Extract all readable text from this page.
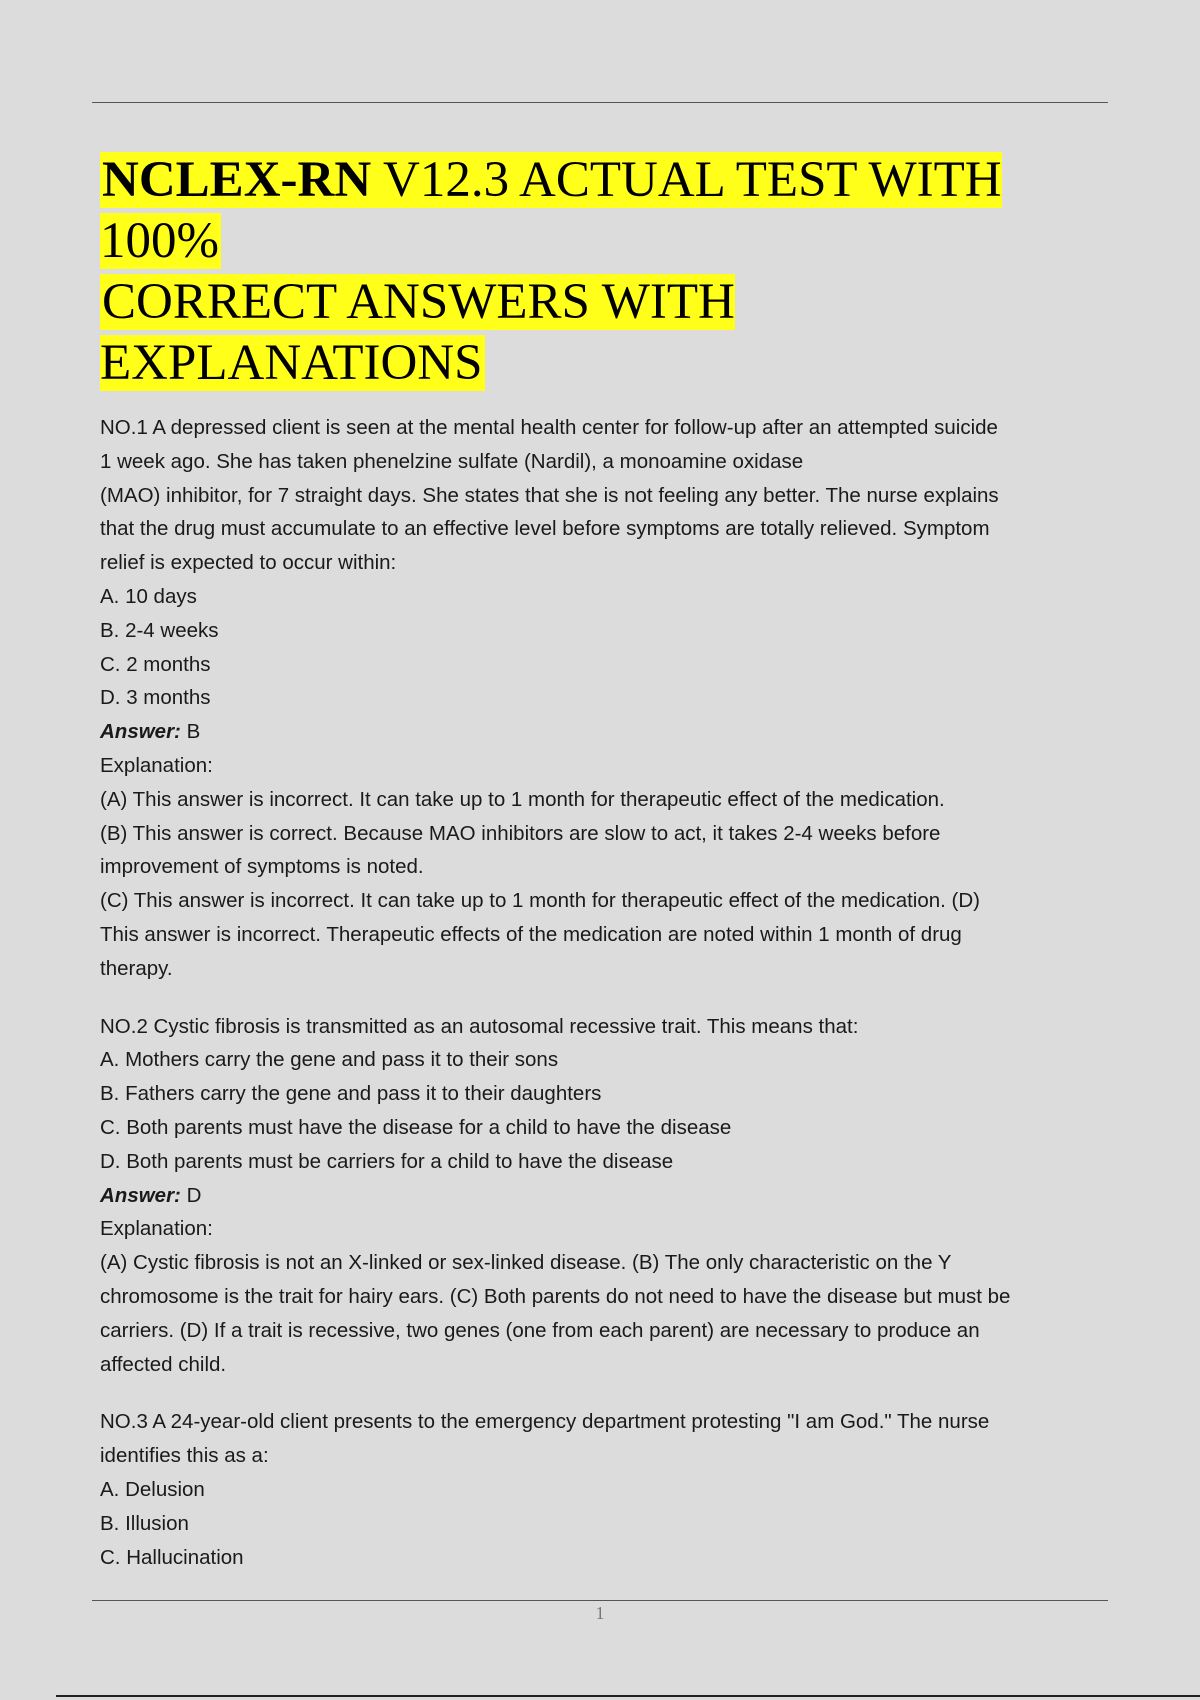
NCLEX-RN V12.3 ACTUAL TEST WITH 100%
CORRECT ANSWERS WITH EXPLANATIONS
NO.1 A depressed client is seen at the mental health center for follow-up after an attempted suicide
1 week ago. She has taken phenelzine sulfate (Nardil), a monoamine oxidase
(MAO) inhibitor, for 7 straight days. She states that she is not feeling any better. The nurse explains
that the drug must accumulate to an effective level before symptoms are totally relieved. Symptom
relief is expected to occur within:
A. 10 days
B. 2-4 weeks
C. 2 months
D. 3 months
Answer: B
Explanation:
(A) This answer is incorrect. It can take up to 1 month for therapeutic effect of the medication.
(B) This answer is correct. Because MAO inhibitors are slow to act, it takes 2-4 weeks before
improvement of symptoms is noted.
(C) This answer is incorrect. It can take up to 1 month for therapeutic effect of the medication. (D)
This answer is incorrect. Therapeutic effects of the medication are noted within 1 month of drug
therapy.
NO.2 Cystic fibrosis is transmitted as an autosomal recessive trait. This means that:
A. Mothers carry the gene and pass it to their sons
B. Fathers carry the gene and pass it to their daughters
C. Both parents must have the disease for a child to have the disease
D. Both parents must be carriers for a child to have the disease
Answer: D
Explanation:
(A) Cystic fibrosis is not an X-linked or sex-linked disease. (B) The only characteristic on the Y
chromosome is the trait for hairy ears. (C) Both parents do not need to have the disease but must be
carriers. (D) If a trait is recessive, two genes (one from each parent) are necessary to produce an
affected child.
NO.3 A 24-year-old client presents to the emergency department protesting "I am God." The nurse
identifies this as a:
A. Delusion
B. Illusion
C. Hallucination
1
